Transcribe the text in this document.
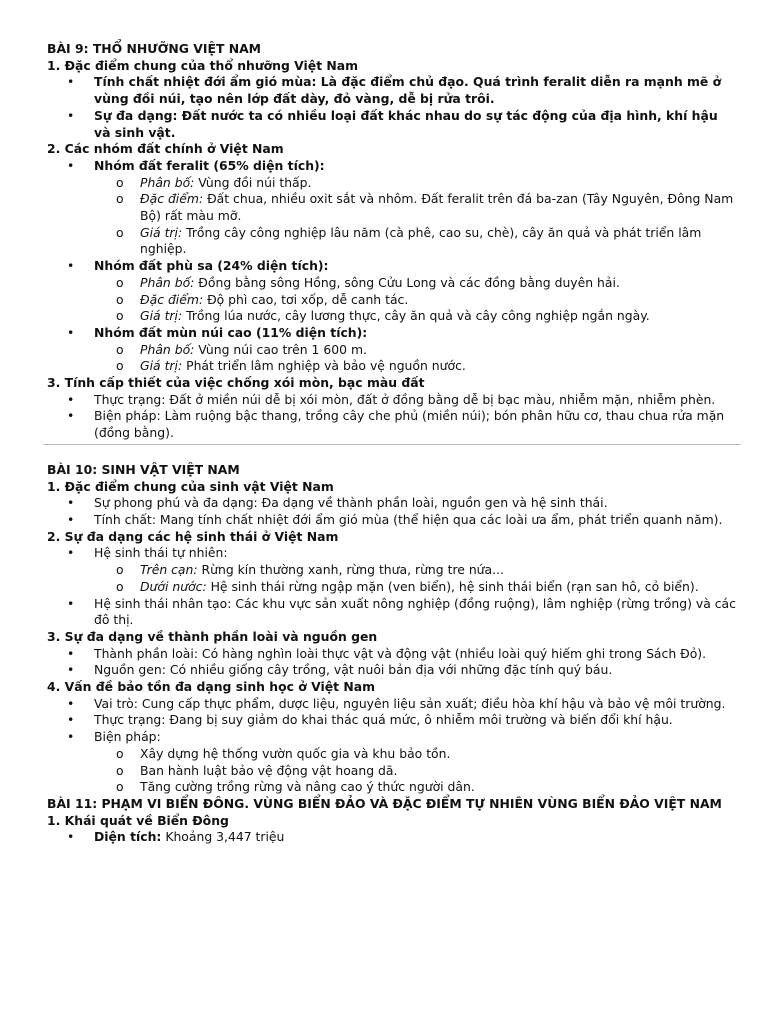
BÀI 9: THỔ NHƯỠNG VIỆT NAM
1. Đặc điểm chung của thổ nhưỡng Việt Nam
• Tính chất nhiệt đới ẩm gió mùa: Là đặc điểm chủ đạo. Quá trình feralit diễn ra mạnh mẽ ở vùng đồi núi, tạo nên lớp đất dày, đỏ vàng, dễ bị rửa trôi.
• Sự đa dạng: Đất nước ta có nhiều loại đất khác nhau do sự tác động của địa hình, khí hậu và sinh vật.
2. Các nhóm đất chính ở Việt Nam
• Nhóm đất feralit (65% diện tích):
o Phân bố: Vùng đồi núi thấp.
o Đặc điểm: Đất chua, nhiều oxit sắt và nhôm. Đất feralit trên đá ba-zan (Tây Nguyên, Đông Nam Bộ) rất màu mỡ.
o Giá trị: Trồng cây công nghiệp lâu năm (cà phê, cao su, chè), cây ăn quả và phát triển lâm nghiệp.
• Nhóm đất phù sa (24% diện tích):
o Phân bố: Đồng bằng sông Hồng, sông Cửu Long và các đồng bằng duyên hải.
o Đặc điểm: Độ phì cao, tơi xốp, dễ canh tác.
o Giá trị: Trồng lúa nước, cây lương thực, cây ăn quả và cây công nghiệp ngắn ngày.
• Nhóm đất mùn núi cao (11% diện tích):
o Phân bố: Vùng núi cao trên 1 600 m.
o Giá trị: Phát triển lâm nghiệp và bảo vệ nguồn nước.
3. Tính cấp thiết của việc chống xói mòn, bạc màu đất
• Thực trạng: Đất ở miền núi dễ bị xói mòn, đất ở đồng bằng dễ bị bạc màu, nhiễm mặn, nhiễm phèn.
• Biện pháp: Làm ruộng bậc thang, trồng cây che phủ (miền núi); bón phân hữu cơ, thau chua rửa mặn (đồng bằng).
BÀI 10: SINH VẬT VIỆT NAM
1. Đặc điểm chung của sinh vật Việt Nam
• Sự phong phú và đa dạng: Đa dạng về thành phần loài, nguồn gen và hệ sinh thái.
• Tính chất: Mang tính chất nhiệt đới ẩm gió mùa (thể hiện qua các loài ưa ẩm, phát triển quanh năm).
2. Sự đa dạng các hệ sinh thái ở Việt Nam
• Hệ sinh thái tự nhiên:
o Trên cạn: Rừng kín thường xanh, rừng thưa, rừng tre nứa...
o Dưới nước: Hệ sinh thái rừng ngập mặn (ven biển), hệ sinh thái biển (rạn san hô, cỏ biển).
• Hệ sinh thái nhân tạo: Các khu vực sản xuất nông nghiệp (đồng ruộng), lâm nghiệp (rừng trồng) và các đô thị.
3. Sự đa dạng về thành phần loài và nguồn gen
• Thành phần loài: Có hàng nghìn loài thực vật và động vật (nhiều loài quý hiếm ghi trong Sách Đỏ).
• Nguồn gen: Có nhiều giống cây trồng, vật nuôi bản địa với những đặc tính quý báu.
4. Vấn đề bảo tồn đa dạng sinh học ở Việt Nam
• Vai trò: Cung cấp thực phẩm, dược liệu, nguyên liệu sản xuất; điều hòa khí hậu và bảo vệ môi trường.
• Thực trạng: Đang bị suy giảm do khai thác quá mức, ô nhiễm môi trường và biến đổi khí hậu.
• Biện pháp:
o Xây dựng hệ thống vườn quốc gia và khu bảo tồn.
o Ban hành luật bảo vệ động vật hoang dã.
o Tăng cường trồng rừng và nâng cao ý thức người dân.
BÀI 11: PHẠM VI BIỂN ĐÔNG. VÙNG BIỂN ĐẢO VÀ ĐẶC ĐIỂM TỰ NHIÊN VÙNG BIỂN ĐẢO VIỆT NAM
1. Khái quát về Biển Đông
• Diện tích: Khoảng 3,447 triệu
